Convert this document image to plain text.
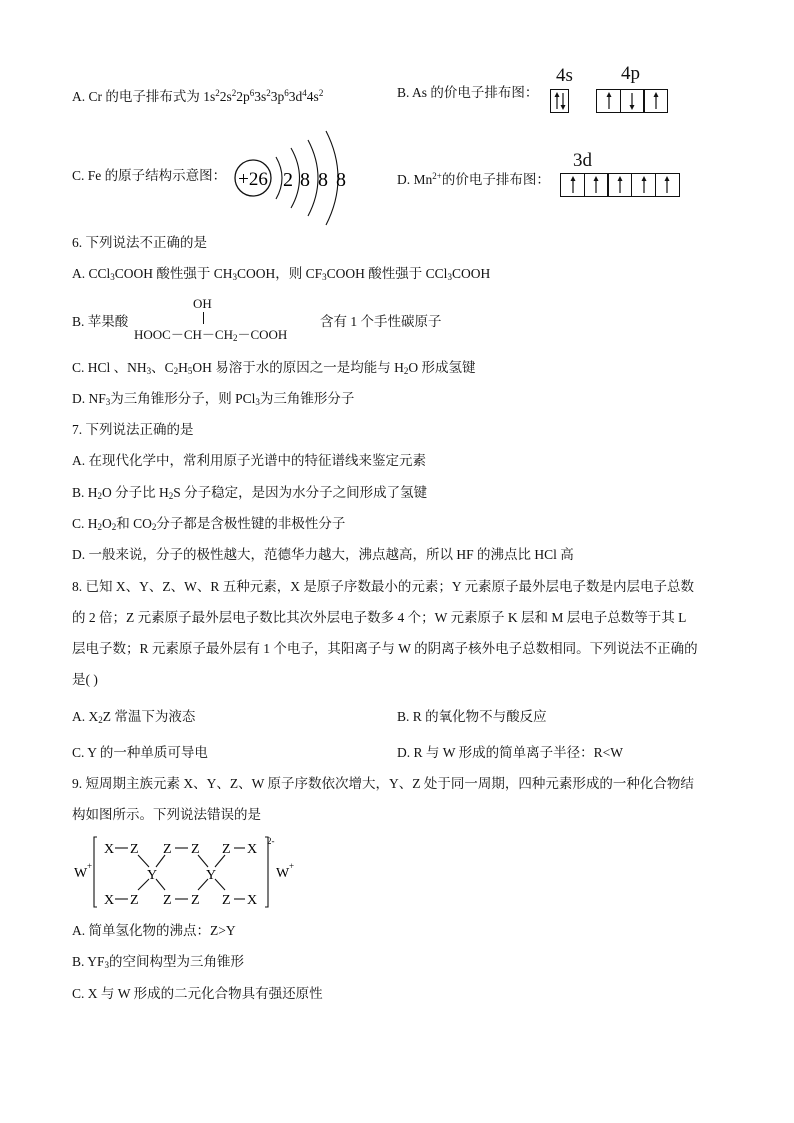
A. Cr 的电子排布式为 $1s^22s^22p^63s^23p^63d^44s^2$	B. As 的价电子排布图：
4s	4p
C. Fe 的原子结构示意图： +26 2 8 8 8	D. $Mn^{2+}$的价电子排布图：
3d
6. 下列说法不正确的是
A. CCl$_3$COOH 酸性强于 $CH_3COOH$，则 $CF_3COOH$ 酸性强于 CCl$_3$COOH
B. 苹果酸
OH
$HOOC-CH-CH_2-COOH$
含有 1 个手性碳原子
C. HCl 、$NH_3$、$C_2H_5OH$ 易溶于水的原因之一是均能与 $H_2O$ 形成氢键
D. $NF_3$为三角锥形分子，则 PCl$_3$为三角锥形分子
7. 下列说法正确的是
A. 在现代化学中，常利用原子光谱中的特征谱线来鉴定元素
B. $H_2O$ 分子比 $H_2S$ 分子稳定，是因为水分子之间形成了氢键
C. $H_2O_2$和 $CO_2$分子都是含极性键的非极性分子
D. 一般来说，分子的极性越大，范德华力越大，沸点越高，所以 HF 的沸点比 HCl 高
8. 已知 X、Y、Z、W、R 五种元素，X 是原子序数最小的元素；Y 元素原子最外层电子数是内层电子总数
的 2 倍；Z 元素原子最外层电子数比其次外层电子数多 4 个；W 元素原子 K 层和 M 层电子总数等于其 L
层电子数；R 元素原子最外层有 1 个电子，其阳离子与 W 的阴离子核外电子总数相同。下列说法不正确的
是( )
A. $X_2Z$ 常温下为液态	B. R 的氧化物不与酸反应
C. Y 的一种单质可导电	D. R 与 W 形成的简单离子半径：R<W
9. 短周期主族元素 X、Y、Z、W 原子序数依次增大，Y、Z 处于同一周期，四种元素形成的一种化合物结
构如图所示。下列说法错误的是
W +	W +
2-
X
X
Z
Z
Z
Z
Z
Z
Z
Z
X
X
Y	Y
A. 简单氢化物的沸点：Z>Y
B. $YF_3$的空间构型为三角锥形
C. X 与 W 形成的二元化合物具有强还原性
